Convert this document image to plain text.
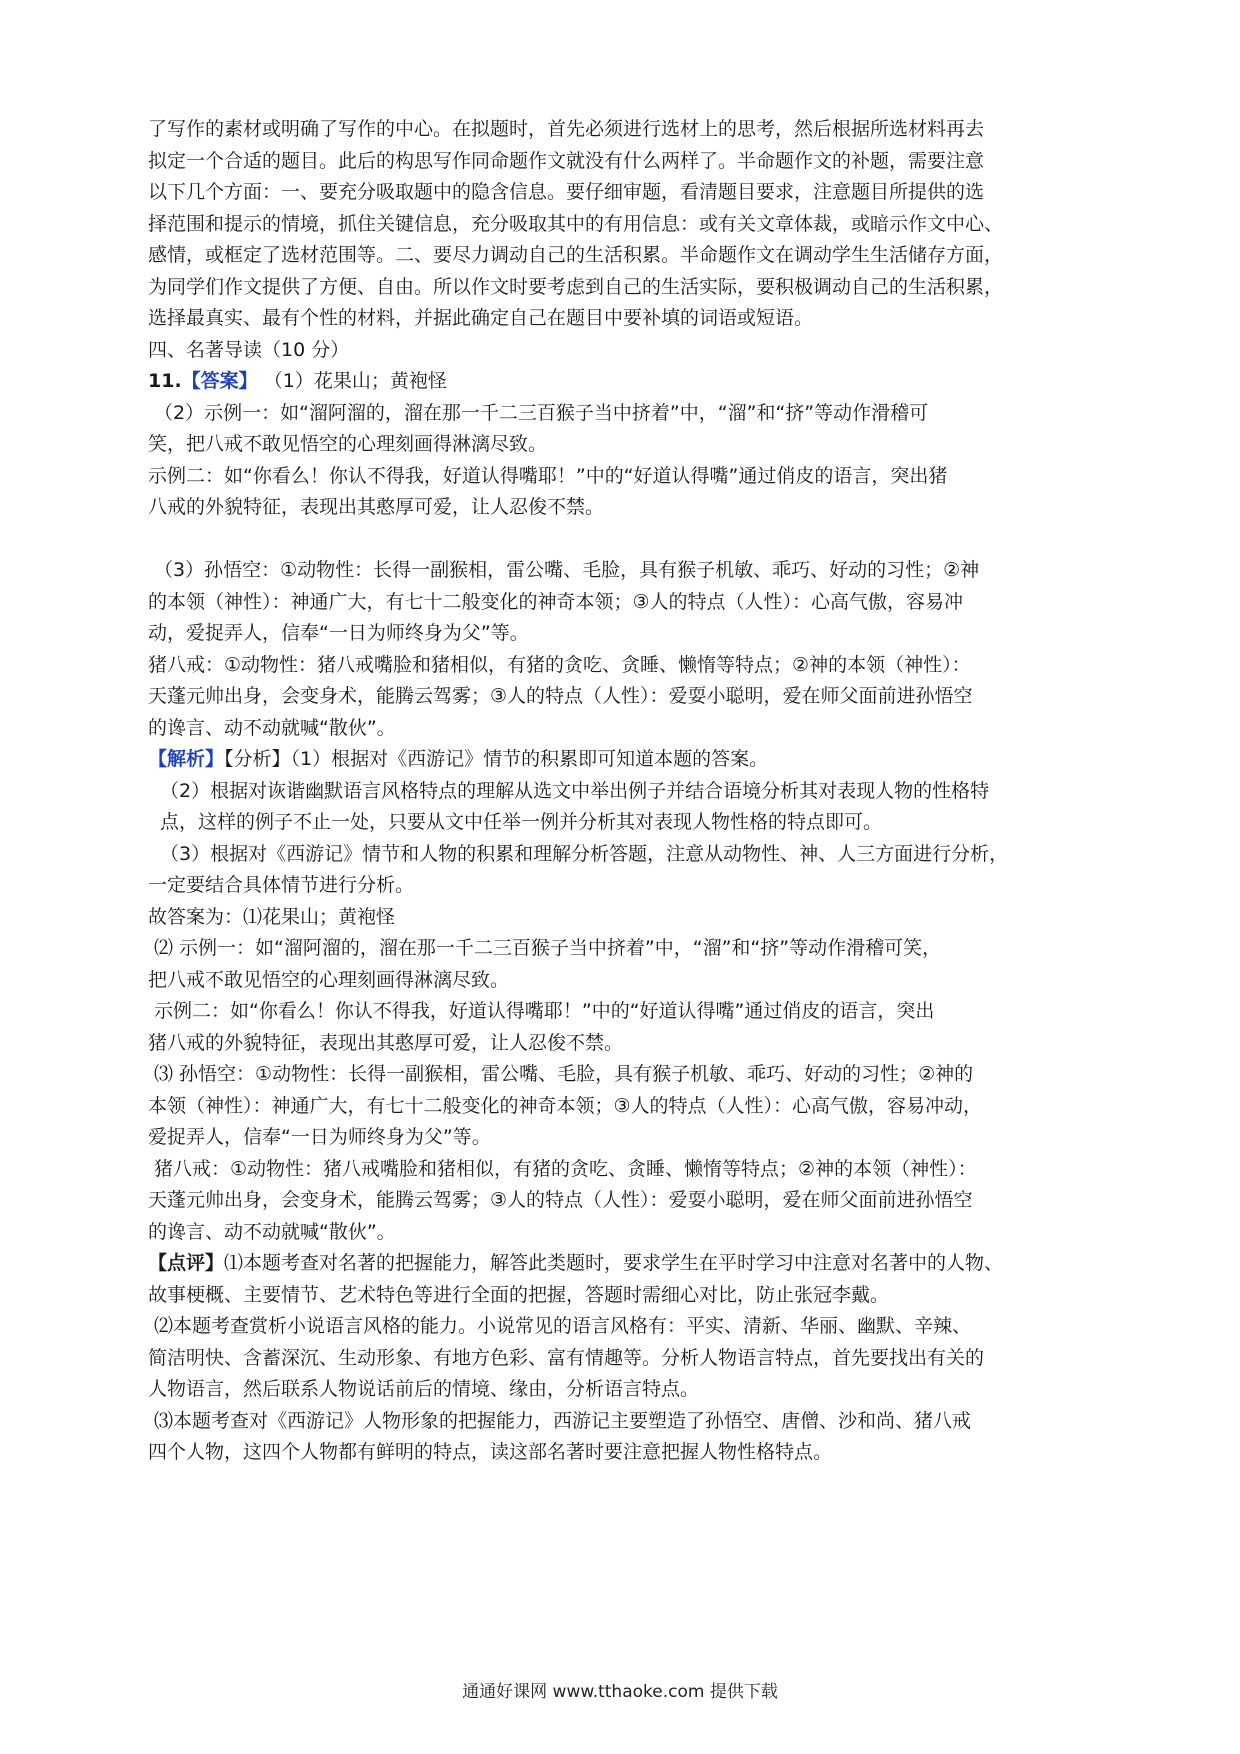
了写作的素材或明确了写作的中心。在拟题时，首先必须进行选材上的思考，然后根据所选材料再去
拟定一个合适的题目。此后的构思写作同命题作文就没有什么两样了。半命题作文的补题，需要注意
以下几个方面：一、要充分吸取题中的隐含信息。要仔细审题，看清题目要求，注意题目所提供的选
择范围和提示的情境，抓住关键信息，充分吸取其中的有用信息：或有关文章体裁，或暗示作文中心、
感情，或框定了选材范围等。二、要尽力调动自己的生活积累。半命题作文在调动学生生活储存方面，
为同学们作文提供了方便、自由。所以作文时要考虑到自己的生活实际，要积极调动自己的生活积累，
选择最真实、最有个性的材料，并据此确定自己在题目中要补填的词语或短语。
四、名著导读（10 分）
11.【答案】 （1）花果山；黄袍怪
（2）示例一：如“溜阿溜的，溜在那一千二三百猴子当中挤着”中，“溜”和“挤”等动作滑稽可
笑，把八戒不敢见悟空的心理刻画得淋漓尽致。
示例二：如“你看么！你认不得我，好道认得嘴耶！”中的“好道认得嘴”通过俏皮的语言，突出猪
八戒的外貌特征，表现出其憨厚可爱，让人忍俊不禁。
（3）孙悟空：①动物性：长得一副猴相，雷公嘴、毛脸，具有猴子机敏、乖巧、好动的习性；②神
的本领（神性）：神通广大，有七十二般变化的神奇本领；③人的特点（人性）：心高气傲，容易冲
动，爱捉弄人，信奉“一日为师终身为父”等。
猪八戒：①动物性：猪八戒嘴脸和猪相似，有猪的贪吃、贪睡、懒惰等特点；②神的本领（神性）：
天蓬元帅出身，会变身术，能腾云驾雾；③人的特点（人性）：爱耍小聪明，爱在师父面前进孙悟空
的谗言、动不动就喊“散伙”。
【解析】【分析】（1）根据对《西游记》情节的积累即可知道本题的答案。
（2）根据对诙谐幽默语言风格特点的理解从选文中举出例子并结合语境分析其对表现人物的性格特
点，这样的例子不止一处，只要从文中任举一例并分析其对表现人物性格的特点即可。
（3）根据对《西游记》情节和人物的积累和理解分析答题，注意从动物性、神、人三方面进行分析，
一定要结合具体情节进行分析。
故答案为：⑴花果山；黄袍怪
⑵ 示例一：如“溜阿溜的，溜在那一千二三百猴子当中挤着”中，“溜”和“挤”等动作滑稽可笑，
把八戒不敢见悟空的心理刻画得淋漓尽致。
示例二：如“你看么！你认不得我，好道认得嘴耶！”中的“好道认得嘴”通过俏皮的语言，突出
猪八戒的外貌特征，表现出其憨厚可爱，让人忍俊不禁。
⑶ 孙悟空：①动物性：长得一副猴相，雷公嘴、毛脸，具有猴子机敏、乖巧、好动的习性；②神的
本领（神性）：神通广大，有七十二般变化的神奇本领；③人的特点（人性）：心高气傲，容易冲动，
爱捉弄人，信奉“一日为师终身为父”等。
猪八戒：①动物性：猪八戒嘴脸和猪相似，有猪的贪吃、贪睡、懒惰等特点；②神的本领（神性）：
天蓬元帅出身，会变身术，能腾云驾雾；③人的特点（人性）：爱耍小聪明，爱在师父面前进孙悟空
的谗言、动不动就喊“散伙”。
【点评】⑴本题考查对名著的把握能力，解答此类题时，要求学生在平时学习中注意对名著中的人物、
故事梗概、主要情节、艺术特色等进行全面的把握，答题时需细心对比，防止张冠李戴。
⑵本题考查赏析小说语言风格的能力。小说常见的语言风格有：平实、清新、华丽、幽默、辛辣、
简洁明快、含蓄深沉、生动形象、有地方色彩、富有情趣等。分析人物语言特点，首先要找出有关的
人物语言，然后联系人物说话前后的情境、缘由，分析语言特点。
⑶本题考查对《西游记》人物形象的把握能力，西游记主要塑造了孙悟空、唐僧、沙和尚、猪八戒
四个人物，这四个人物都有鲜明的特点，读这部名著时要注意把握人物性格特点。
通通好课网 www.tthaoke.com 提供下载
